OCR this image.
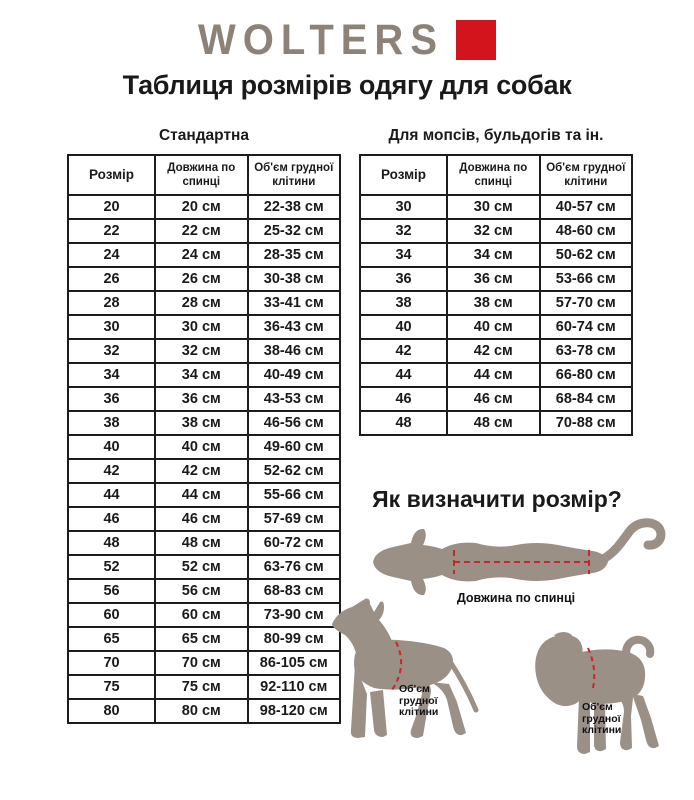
WOLTERS
Таблиця розмірів одягу для собак
Стандартна
Розмір	Довжина по спинці	Об'єм грудної клітини
20	20 см	22-38 см
22	22 см	25-32 см
24	24 см	28-35 см
26	26 см	30-38 см
28	28 см	33-41 см
30	30 см	36-43 см
32	32 см	38-46 см
34	34 см	40-49 см
36	36 см	43-53 см
38	38 см	46-56 см
40	40 см	49-60 см
42	42 см	52-62 см
44	44 см	55-66 см
46	46 см	57-69 см
48	48 см	60-72 см
52	52 см	63-76 см
56	56 см	68-83 см
60	60 см	73-90 см
65	65 см	80-99 см
70	70 см	86-105 см
75	75 см	92-110 см
80	80 см	98-120 см
Для мопсів, бульдогів та ін.
Розмір	Довжина по спинці	Об'єм грудної клітини
30	30 см	40-57 см
32	32 см	48-60 см
34	34 см	50-62 см
36	36 см	53-66 см
38	38 см	57-70 см
40	40 см	60-74 см
42	42 см	63-78 см
44	44 см	66-80 см
46	46 см	68-84 см
48	48 см	70-88 см
Як визначити розмір?
Довжина по спинці
Об'єм
грудної
клітини	Об'єм
грудної
клітини
